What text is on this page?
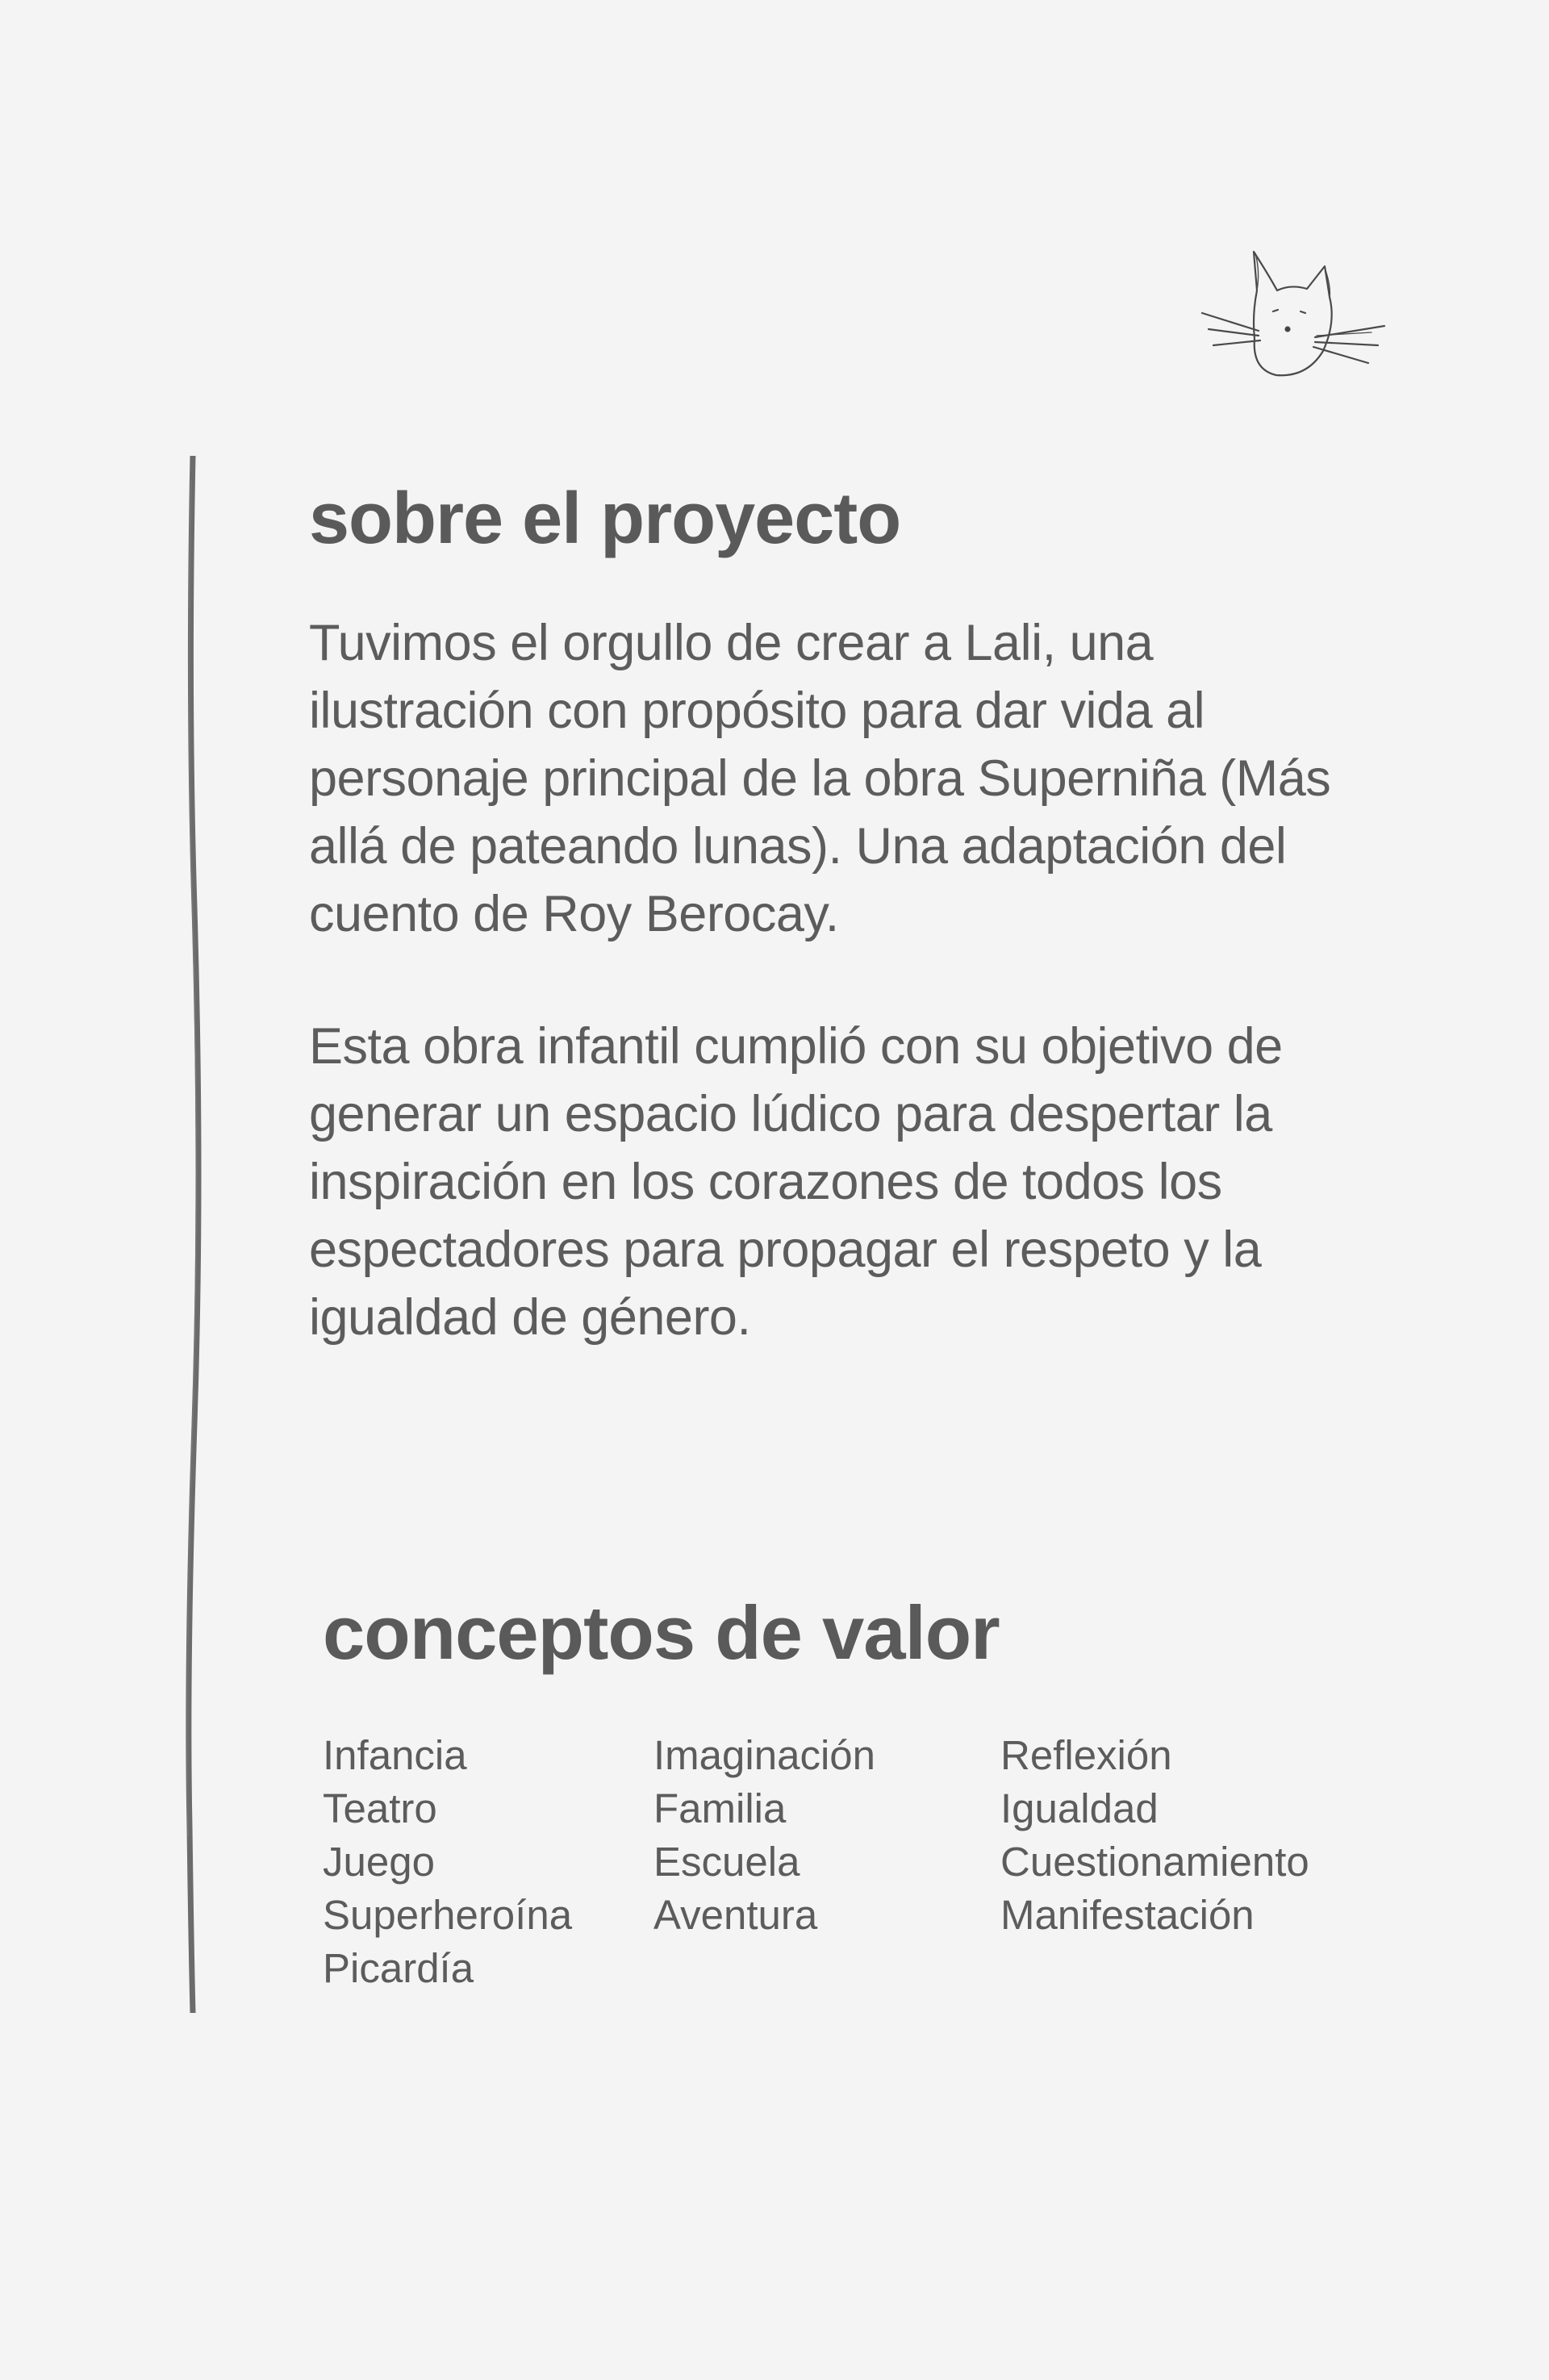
sobre el proyecto

Tuvimos el orgullo de crear a Lali, una ilustración con propósito para dar vida al personaje principal de la obra Superniña (Más allá de pateando lunas). Una adaptación del cuento de Roy Berocay.

Esta obra infantil cumplió con su objetivo de generar un espacio lúdico para despertar la inspiración en los corazones de todos los espectadores para propagar el respeto y la igualdad de género.

conceptos de valor
Infancia
Teatro
Juego
Superheroína
Picardía
Imaginación
Familia
Escuela
Aventura
Reflexión
Igualdad
Cuestionamiento
Manifestación
